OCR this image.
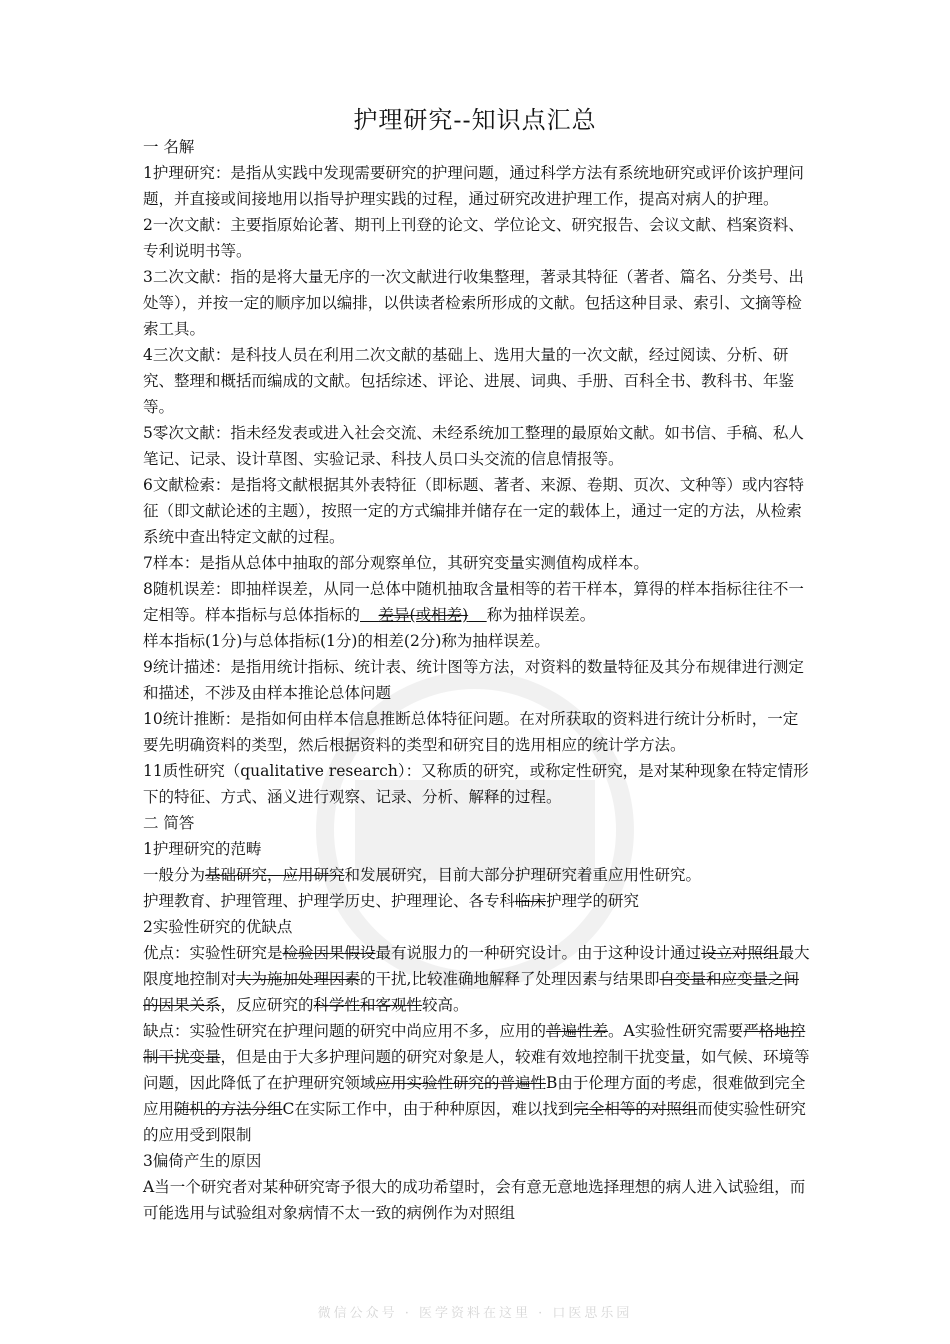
护理研究--知识点汇总

一 名解

1护理研究：是指从实践中发现需要研究的护理问题，通过科学方法有系统地研究或评价该护理问题，并直接或间接地用以指导护理实践的过程，通过研究改进护理工作，提高对病人的护理。

2一次文献：主要指原始论著、期刊上刊登的论文、学位论文、研究报告、会议文献、档案资料、专利说明书等。

3二次文献：指的是将大量无序的一次文献进行收集整理，著录其特征（著者、篇名、分类号、出处等），并按一定的顺序加以编排，以供读者检索所形成的文献。包括这种目录、索引、文摘等检索工具。

4三次文献：是科技人员在利用二次文献的基础上、选用大量的一次文献，经过阅读、分析、研究、整理和概括而编成的文献。包括综述、评论、进展、词典、手册、百科全书、教科书、年鉴等。

5零次文献：指未经发表或进入社会交流、未经系统加工整理的最原始文献。如书信、手稿、私人笔记、记录、设计草图、实验记录、科技人员口头交流的信息情报等。

6文献检索：是指将文献根据其外表特征（即标题、著者、来源、卷期、页次、文种等）或内容特征（即文献论述的主题），按照一定的方式编排并储存在一定的载体上，通过一定的方法，从检索系统中查出特定文献的过程。

7样本：是指从总体中抽取的部分观察单位，其研究变量实测值构成样本。

8随机误差：即抽样误差，从同一总体中随机抽取含量相等的若干样本，算得的样本指标往往不一定相等。样本指标与总体指标的             差异(或相差)             称为抽样误差。

样本指标(1分)与总体指标(1分)的相差(2分)称为抽样误差。

9统计描述：是指用统计指标、统计表、统计图等方法，对资料的数量特征及其分布规律进行测定和描述，不涉及由样本推论总体问题

10统计推断：是指如何由样本信息推断总体特征问题。在对所获取的资料进行统计分析时，一定要先明确资料的类型，然后根据资料的类型和研究目的选用相应的统计学方法。

11质性研究（qualitative research）：又称质的研究，或称定性研究，是对某种现象在特定情形下的特征、方式、涵义进行观察、记录、分析、解释的过程。

二 简答

1护理研究的范畴

一般分为基础研究，应用研究和发展研究，目前大部分护理研究着重应用性研究。

护理教育、护理管理、护理学历史、护理理论、各专科临床护理学的研究

2实验性研究的优缺点

优点：实验性研究是检验因果假设最有说服力的一种研究设计。由于这种设计通过设立对照组最大限度地控制对大为施加处理因素的干扰,比较准确地解释了处理因素与结果即自变量和应变量之间的因果关系，反应研究的科学性和客观性较高。

缺点：实验性研究在护理问题的研究中尚应用不多，应用的普遍性差。A实验性研究需要严格地控制干扰变量，但是由于大多护理问题的研究对象是人，较难有效地控制干扰变量，如气候、环境等问题，因此降低了在护理研究领域应用实验性研究的普遍性B由于伦理方面的考虑，很难做到完全应用随机的方法分组C在实际工作中，由于种种原因，难以找到完全相等的对照组而使实验性研究的应用受到限制

3偏倚产生的原因

A当一个研究者对某种研究寄予很大的成功希望时，会有意无意地选择理想的病人进入试验组，而可能选用与试验组对象病情不太一致的病例作为对照组

微信公众号 · 医学资料在这里 · 口医思乐园
